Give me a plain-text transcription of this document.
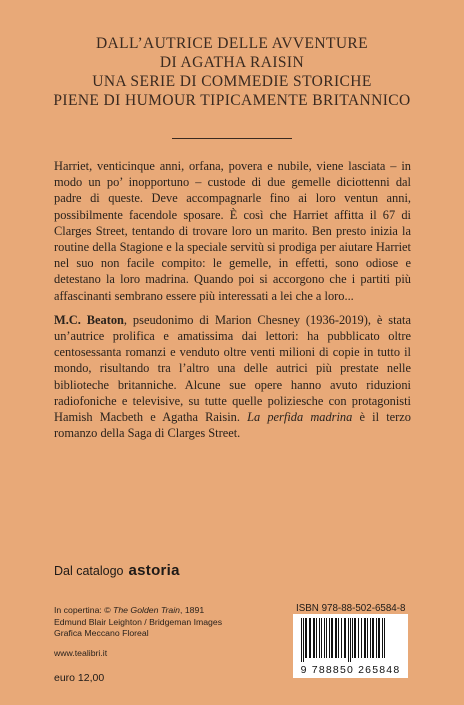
DALL’AUTRICE DELLE AVVENTURE
DI AGATHA RAISIN
UNA SERIE DI COMMEDIE STORICHE
PIENE DI HUMOUR TIPICAMENTE BRITANNICO

Harriet, venticinque anni, orfana, povera e nubile, viene lasciata – in modo un po’ inopportuno – custode di due gemelle diciottenni dal padre di queste. Deve accompagnarle fino ai loro ventun anni, possibilmente facendole sposare. È così che Harriet affitta il 67 di Clarges Street, tentando di trovare loro un marito. Ben presto inizia la routine della Stagione e la speciale servitù si prodiga per aiutare Harriet nel suo non facile compito: le gemelle, in effetti, sono odiose e detestano la loro madrina. Quando poi si accorgono che i partiti più affascinanti sembrano essere più interessati a lei che a loro...

M.C. Beaton, pseudonimo di Marion Chesney (1936-2019), è stata un’autrice prolifica e amatissima dai lettori: ha pubblicato oltre centosessanta romanzi e venduto oltre venti milioni di copie in tutto il mondo, risultando tra l’altro una delle autrici più prestate nelle biblioteche britanniche. Alcune sue opere hanno avuto riduzioni radiofoniche e televisive, su tutte quelle poliziesche con protagonisti Hamish Macbeth e Agatha Raisin. La perfida madrina è il terzo romanzo della Saga di Clarges Street.

Dal catalogo astoria
In copertina: © The Golden Train, 1891
Edmund Blair Leighton / Bridgeman Images
Grafica Meccano Floreal
www.tealibri.it
euro 12,00
ISBN 978-88-502-6584-8
9 788850 265848
